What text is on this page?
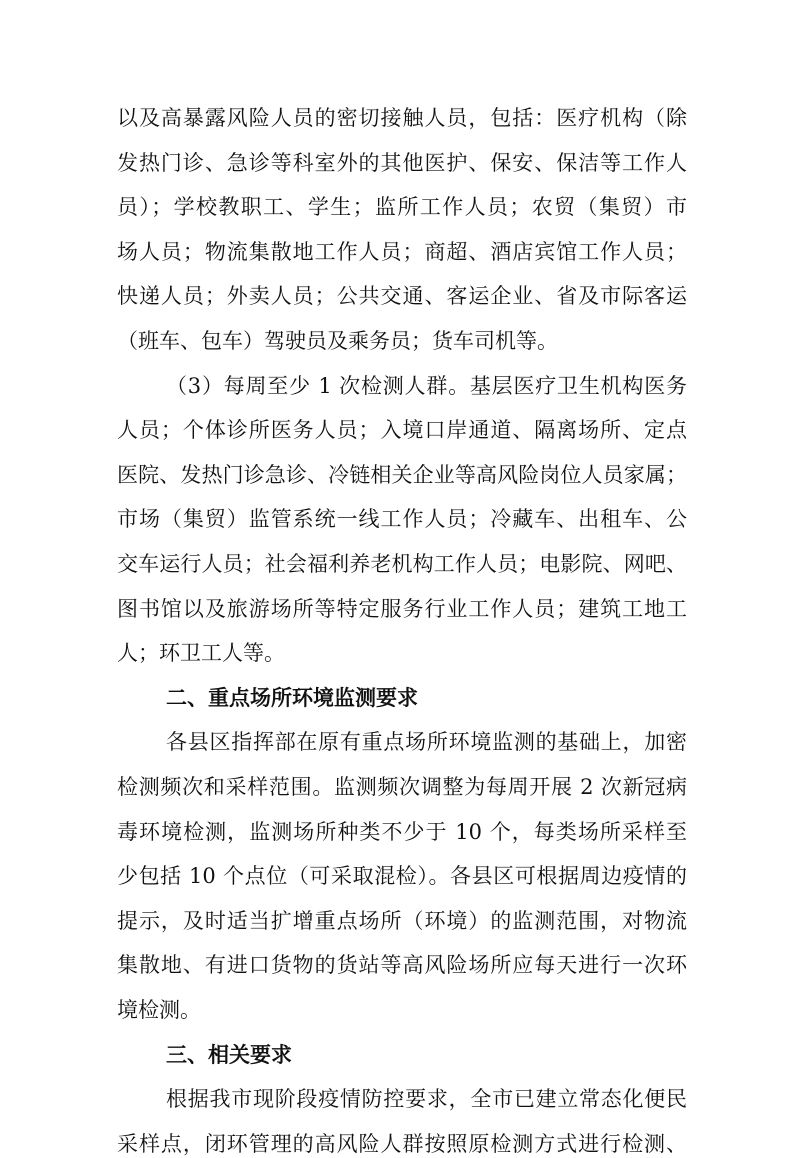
以及高暴露风险人员的密切接触人员，包括：医疗机构（除
发热门诊、急诊等科室外的其他医护、保安、保洁等工作人
员）；学校教职工、学生；监所工作人员；农贸（集贸）市
场人员；物流集散地工作人员；商超、酒店宾馆工作人员；
快递人员；外卖人员；公共交通、客运企业、省及市际客运
（班车、包车）驾驶员及乘务员；货车司机等。
（3）每周至少 1 次检测人群。基层医疗卫生机构医务
人员；个体诊所医务人员；入境口岸通道、隔离场所、定点
医院、发热门诊急诊、冷链相关企业等高风险岗位人员家属；
市场（集贸）监管系统一线工作人员；冷藏车、出租车、公
交车运行人员；社会福利养老机构工作人员；电影院、网吧、
图书馆以及旅游场所等特定服务行业工作人员；建筑工地工
人；环卫工人等。
二、重点场所环境监测要求
各县区指挥部在原有重点场所环境监测的基础上，加密
检测频次和采样范围。监测频次调整为每周开展 2 次新冠病
毒环境检测，监测场所种类不少于 10 个，每类场所采样至
少包括 10 个点位（可采取混检）。各县区可根据周边疫情的
提示，及时适当扩增重点场所（环境）的监测范围，对物流
集散地、有进口货物的货站等高风险场所应每天进行一次环
境检测。
三、相关要求
根据我市现阶段疫情防控要求，全市已建立常态化便民
采样点，闭环管理的高风险人群按照原检测方式进行检测、
